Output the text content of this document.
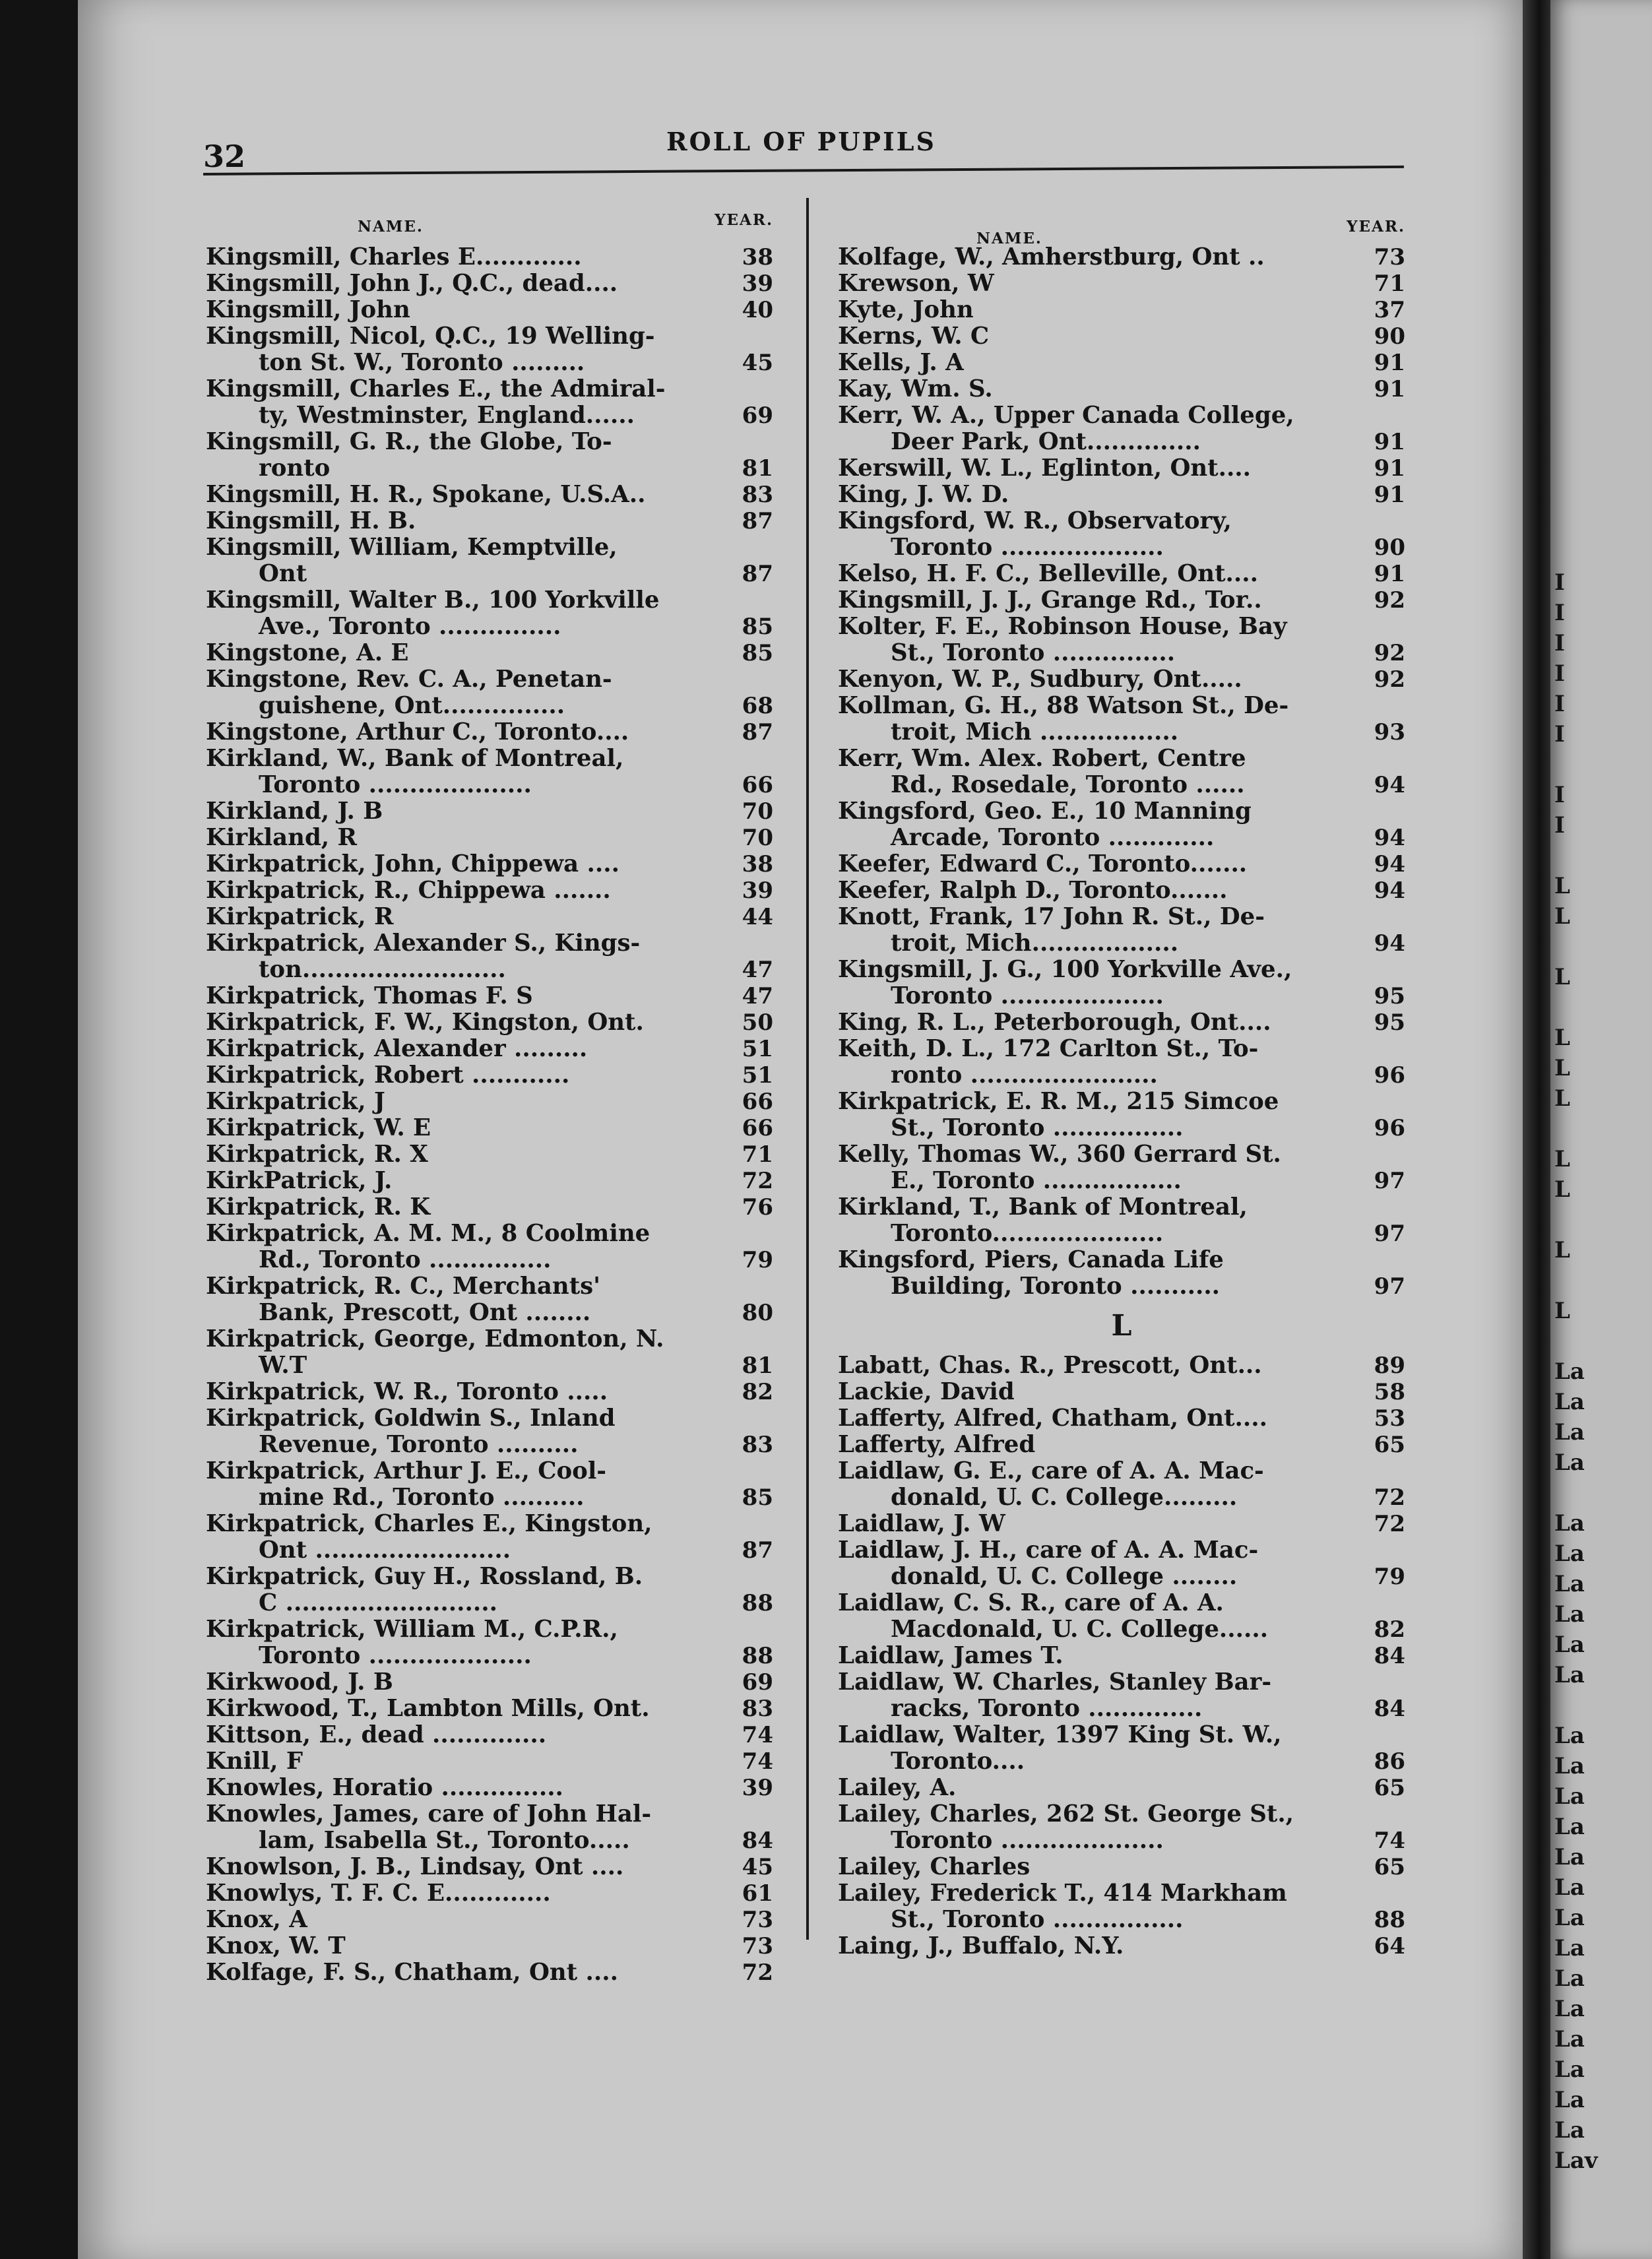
32	ROLL OF PUPILS
NAME.	YEAR.
Kingsmill, Charles E.............	38
Kingsmill, John J., Q.C., dead....	39
Kingsmill, John	40
Kingsmill, Nicol, Q.C., 19 Welling-
ton St. W., Toronto .........	45
Kingsmill, Charles E., the Admiral-
ty, Westminster, England......	69
Kingsmill, G. R., the Globe, To-
ronto	81
Kingsmill, H. R., Spokane, U.S.A..	83
Kingsmill, H. B.	87
Kingsmill, William, Kemptville,
Ont	87
Kingsmill, Walter B., 100 Yorkville
Ave., Toronto ...............	85
Kingstone, A. E	85
Kingstone, Rev. C. A., Penetan-
guishene, Ont...............	68
Kingstone, Arthur C., Toronto....	87
Kirkland, W., Bank of Montreal,
Toronto ....................	66
Kirkland, J. B	70
Kirkland, R	70
Kirkpatrick, John, Chippewa ....	38
Kirkpatrick, R., Chippewa .......	39
Kirkpatrick, R	44
Kirkpatrick, Alexander S., Kings-
ton.........................	47
Kirkpatrick, Thomas F. S	47
Kirkpatrick, F. W., Kingston, Ont.	50
Kirkpatrick, Alexander .........	51
Kirkpatrick, Robert ............	51
Kirkpatrick, J	66
Kirkpatrick, W. E	66
Kirkpatrick, R. X	71
KirkPatrick, J.	72
Kirkpatrick, R. K	76
Kirkpatrick, A. M. M., 8 Coolmine
Rd., Toronto ...............	79
Kirkpatrick, R. C., Merchants'
Bank, Prescott, Ont ........	80
Kirkpatrick, George, Edmonton, N.
W.T	81
Kirkpatrick, W. R., Toronto .....	82
Kirkpatrick, Goldwin S., Inland
Revenue, Toronto ..........	83
Kirkpatrick, Arthur J. E., Cool-
mine Rd., Toronto ..........	85
Kirkpatrick, Charles E., Kingston,
Ont ........................	87
Kirkpatrick, Guy H., Rossland, B.
C ..........................	88
Kirkpatrick, William M., C.P.R.,
Toronto ....................	88
Kirkwood, J. B	69
Kirkwood, T., Lambton Mills, Ont.	83
Kittson, E., dead ..............	74
Knill, F	74
Knowles, Horatio ...............	39
Knowles, James, care of John Hal-
lam, Isabella St., Toronto.....	84
Knowlson, J. B., Lindsay, Ont ....	45
Knowlys, T. F. C. E.............	61
Knox, A	73
Knox, W. T	73
Kolfage, F. S., Chatham, Ont ....	72
NAME.
YEAR.
Kolfage, W., Amherstburg, Ont ..	73
Krewson, W	71
Kyte, John	37
Kerns, W. C	90
Kells, J. A	91
Kay, Wm. S.	91
Kerr, W. A., Upper Canada College,
Deer Park, Ont..............	91
Kerswill, W. L., Eglinton, Ont....	91
King, J. W. D.	91
Kingsford, W. R., Observatory,
Toronto ....................	90
Kelso, H. F. C., Belleville, Ont....	91
Kingsmill, J. J., Grange Rd., Tor..	92
Kolter, F. E., Robinson House, Bay
St., Toronto ...............	92
Kenyon, W. P., Sudbury, Ont.....	92
Kollman, G. H., 88 Watson St., De-
troit, Mich .................	93
Kerr, Wm. Alex. Robert, Centre
Rd., Rosedale, Toronto ......	94
Kingsford, Geo. E., 10 Manning
Arcade, Toronto .............	94
Keefer, Edward C., Toronto.......	94
Keefer, Ralph D., Toronto.......	94
Knott, Frank, 17 John R. St., De-
troit, Mich..................	94
Kingsmill, J. G., 100 Yorkville Ave.,
Toronto ....................	95
King, R. L., Peterborough, Ont....	95
Keith, D. L., 172 Carlton St., To-
ronto .......................	96
Kirkpatrick, E. R. M., 215 Simcoe
St., Toronto ................	96
Kelly, Thomas W., 360 Gerrard St.
E., Toronto .................	97
Kirkland, T., Bank of Montreal,
Toronto.....................	97
Kingsford, Piers, Canada Life
Building, Toronto ...........	97
L
Labatt, Chas. R., Prescott, Ont...	89
Lackie, David	58
Lafferty, Alfred, Chatham, Ont....	53
Lafferty, Alfred	65
Laidlaw, G. E., care of A. A. Mac-
donald, U. C. College.........	72
Laidlaw, J. W	72
Laidlaw, J. H., care of A. A. Mac-
donald, U. C. College ........	79
Laidlaw, C. S. R., care of A. A.
Macdonald, U. C. College......	82
Laidlaw, James T.	84
Laidlaw, W. Charles, Stanley Bar-
racks, Toronto ..............	84
Laidlaw, Walter, 1397 King St. W.,
Toronto....	86
Lailey, A.	65
Lailey, Charles, 262 St. George St.,
Toronto ....................	74
Lailey, Charles	65
Lailey, Frederick T., 414 Markham
St., Toronto ................	88
Laing, J., Buffalo, N.Y.	64
I
I
I
I
I
I
I
I
L
L
L
L
L
L
L
L
L
L
La
La
La
La
La
La
La
La
La
La
La
La
La
La
La
La
La
La
La
La
La
La
La
La
Lav
